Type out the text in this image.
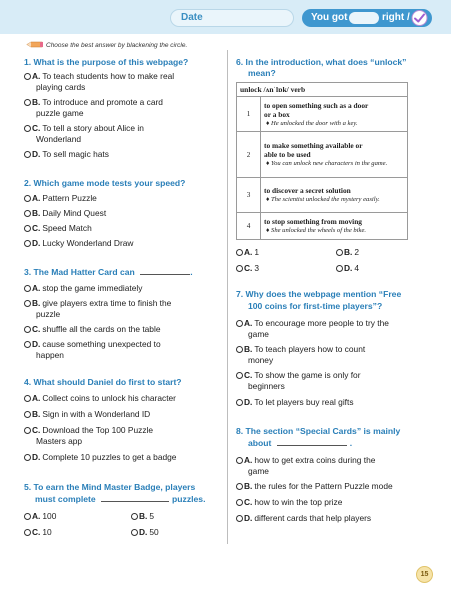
Date	You got	right /
Choose the best answer by blackening the circle.
1. What is the purpose of this webpage?
A. To teach students how to make real
playing cards
B. To introduce and promote a card
puzzle game
C. To tell a story about Alice in
Wonderland
D. To sell magic hats
2. Which game mode tests your speed?
A. Pattern Puzzle
B. Daily Mind Quest
C. Speed Match
D. Lucky Wonderland Draw
3. The Mad Hatter Card can	.
A. stop the game immediately
B. give players extra time to finish the
puzzle
C. shuffle all the cards on the table
D. cause something unexpected to
happen
4. What should Daniel do first to start?
A. Collect coins to unlock his character
B. Sign in with a Wonderland ID
C. Download the Top 100 Puzzle
Masters app
D. Complete 10 puzzles to get a badge
5. To earn the Mind Master Badge, players
must complete	puzzles.
A. 100	B. 5
C. 10	D. 50
6. In the introduction, what does “unlock”
mean?
unlock /ʌnˈlɒk/ verb	
1	to open something such as a door
or a box
♦ He unlocked the door with a key.

2	to make something available or
able to be used
♦ You can unlock new characters in the game.

3	to discover a secret solution
♦ The scientist unlocked the mystery easily.

4	to stop something from moving
♦ She unlocked the wheels of the bike.
A. 1	B. 2
C. 3	D. 4
7. Why does the webpage mention “Free
100 coins for first-time players”?
A. To encourage more people to try the
game
B. To teach players how to count
money
C. To show the game is only for
beginners
D. To let players buy real gifts
8. The section “Special Cards” is mainly
about	.
A. how to get extra coins during the
game
B. the rules for the Pattern Puzzle mode
C. how to win the top prize
D. different cards that help players
15
